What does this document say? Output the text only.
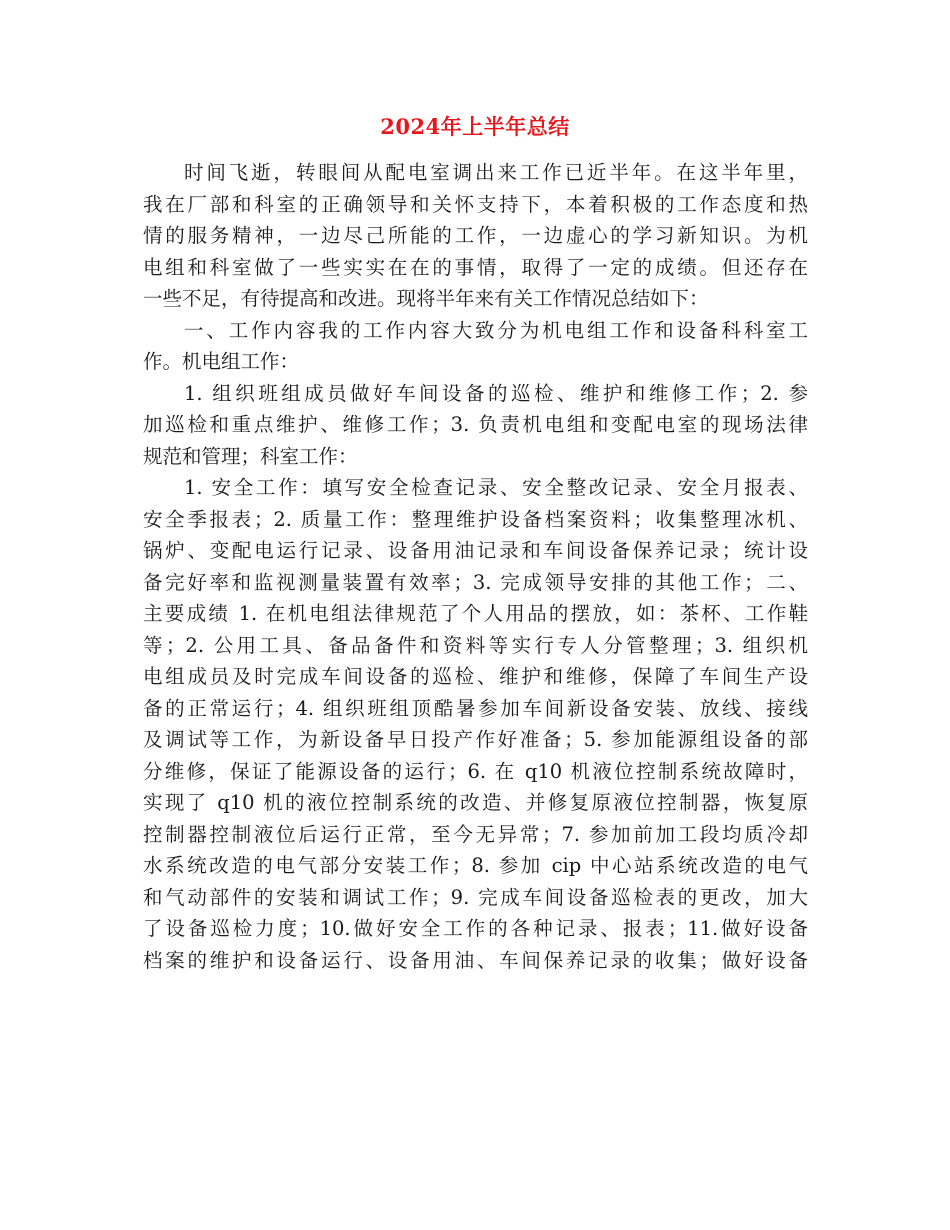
2024年上半年总结
时间飞逝，转眼间从配电室调出来工作已近半年。在这半年里，
我在厂部和科室的正确领导和关怀支持下，本着积极的工作态度和热
情的服务精神，一边尽己所能的工作，一边虚心的学习新知识。为机
电组和科室做了一些实实在在的事情，取得了一定的成绩。但还存在
一些不足，有待提高和改进。现将半年来有关工作情况总结如下：
一、工作内容我的工作内容大致分为机电组工作和设备科科室工
作。机电组工作：
1. 组织班组成员做好车间设备的巡检、维护和维修工作；2. 参
加巡检和重点维护、维修工作；3. 负责机电组和变配电室的现场法律
规范和管理；科室工作：
1. 安全工作：填写安全检查记录、安全整改记录、安全月报表、
安全季报表；2. 质量工作：整理维护设备档案资料；收集整理冰机、
锅炉、变配电运行记录、设备用油记录和车间设备保养记录；统计设
备完好率和监视测量装置有效率；3. 完成领导安排的其他工作；二、
主要成绩 1. 在机电组法律规范了个人用品的摆放，如：茶杯、工作鞋
等；2. 公用工具、备品备件和资料等实行专人分管整理；3. 组织机
电组成员及时完成车间设备的巡检、维护和维修，保障了车间生产设
备的正常运行；4. 组织班组顶酷暑参加车间新设备安装、放线、接线
及调试等工作，为新设备早日投产作好准备；5. 参加能源组设备的部
分维修，保证了能源设备的运行；6. 在 q10 机液位控制系统故障时，
实现了 q10 机的液位控制系统的改造、并修复原液位控制器，恢复原
控制器控制液位后运行正常，至今无异常；7. 参加前加工段均质冷却
水系统改造的电气部分安装工作；8. 参加 cip 中心站系统改造的电气
和气动部件的安装和调试工作；9. 完成车间设备巡检表的更改，加大
了设备巡检力度；10.做好安全工作的各种记录、报表；11.做好设备
档案的维护和设备运行、设备用油、车间保养记录的收集；做好设备
